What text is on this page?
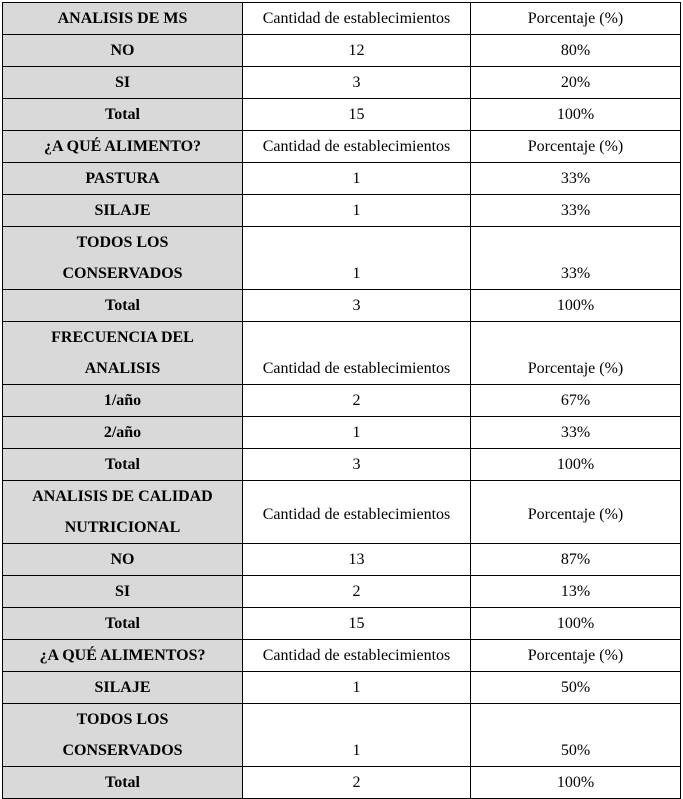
ANALISIS DE MS	Cantidad de establecimientos	Porcentaje (%)

NO	12	80%

SI	3	20%

Total	15	100%

¿A QUÉ ALIMENTO?	Cantidad de establecimientos	Porcentaje (%)

PASTURA	1	33%

SILAJE	1	33%

TODOS LOS
CONSERVADOS	1	33%

Total	3	100%

FRECUENCIA DEL
ANALISIS	Cantidad de establecimientos	Porcentaje (%)

1/año	2	67%

2/año	1	33%

Total	3	100%

ANALISIS DE CALIDAD
NUTRICIONAL	Cantidad de establecimientos	Porcentaje (%)

NO	13	87%

SI	2	13%

Total	15	100%

¿A QUÉ ALIMENTOS?	Cantidad de establecimientos	Porcentaje (%)

SILAJE	1	50%

TODOS LOS
CONSERVADOS	1	50%

Total	2	100%
